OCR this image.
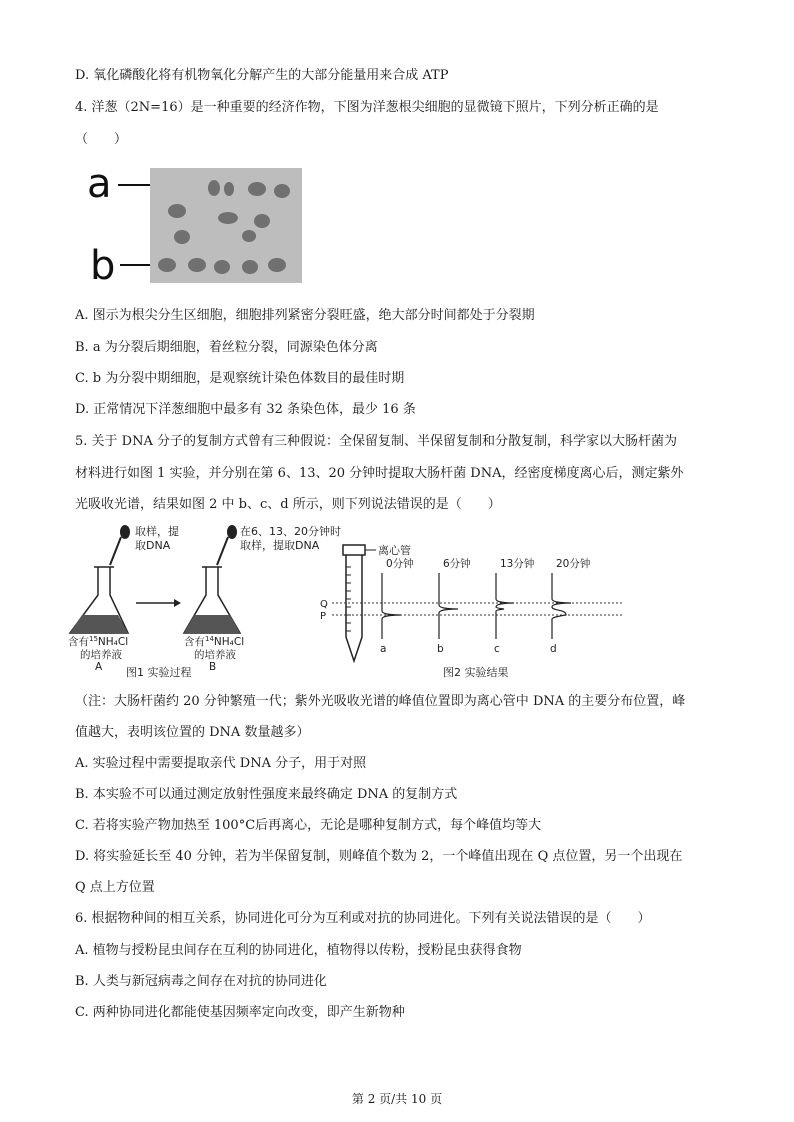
D. 氧化磷酸化将有机物氧化分解产生的大部分能量用来合成 ATP
4. 洋葱（2N=16）是一种重要的经济作物，下图为洋葱根尖细胞的显微镜下照片，下列分析正确的是
（　　）
a
b
A. 图示为根尖分生区细胞，细胞排列紧密分裂旺盛，绝大部分时间都处于分裂期
B. a 为分裂后期细胞，着丝粒分裂，同源染色体分离
C. b 为分裂中期细胞，是观察统计染色体数目的最佳时期
D. 正常情况下洋葱细胞中最多有 32 条染色体，最少 16 条
5. 关于 DNA 分子的复制方式曾有三种假说：全保留复制、半保留复制和分散复制，科学家以大肠杆菌为
材料进行如图 1 实验，并分别在第 6、13、20 分钟时提取大肠杆菌 DNA，经密度梯度离心后，测定紫外
光吸收光谱，结果如图 2 中 b、c、d 所示，则下列说法错误的是（　　）
取样，提
取DNA
含有$^{15}$NH₄Cl
的培养液
A
在6、13、20分钟时
取样，提取DNA
含有$^{14}$NH₄Cl
的培养液
B
图1 实验过程
离心管
Q
P
0分钟	6分钟	13分钟 20分钟
a	b	c	d
图2 实验结果
（注：大肠杆菌约 20 分钟繁殖一代；紫外光吸收光谱的峰值位置即为离心管中 DNA 的主要分布位置，峰
值越大，表明该位置的 DNA 数量越多）
A. 实验过程中需要提取亲代 DNA 分子，用于对照
B. 本实验不可以通过测定放射性强度来最终确定 DNA 的复制方式
C. 若将实验产物加热至 100°C后再离心，无论是哪种复制方式，每个峰值均等大
D. 将实验延长至 40 分钟，若为半保留复制，则峰值个数为 2，一个峰值出现在 Q 点位置，另一个出现在
Q 点上方位置
6. 根据物种间的相互关系，协同进化可分为互利或对抗的协同进化。下列有关说法错误的是（　　）
A. 植物与授粉昆虫间存在互利的协同进化，植物得以传粉，授粉昆虫获得食物
B. 人类与新冠病毒之间存在对抗的协同进化
C. 两种协同进化都能使基因频率定向改变，即产生新物种
第 2 页/共 10 页
